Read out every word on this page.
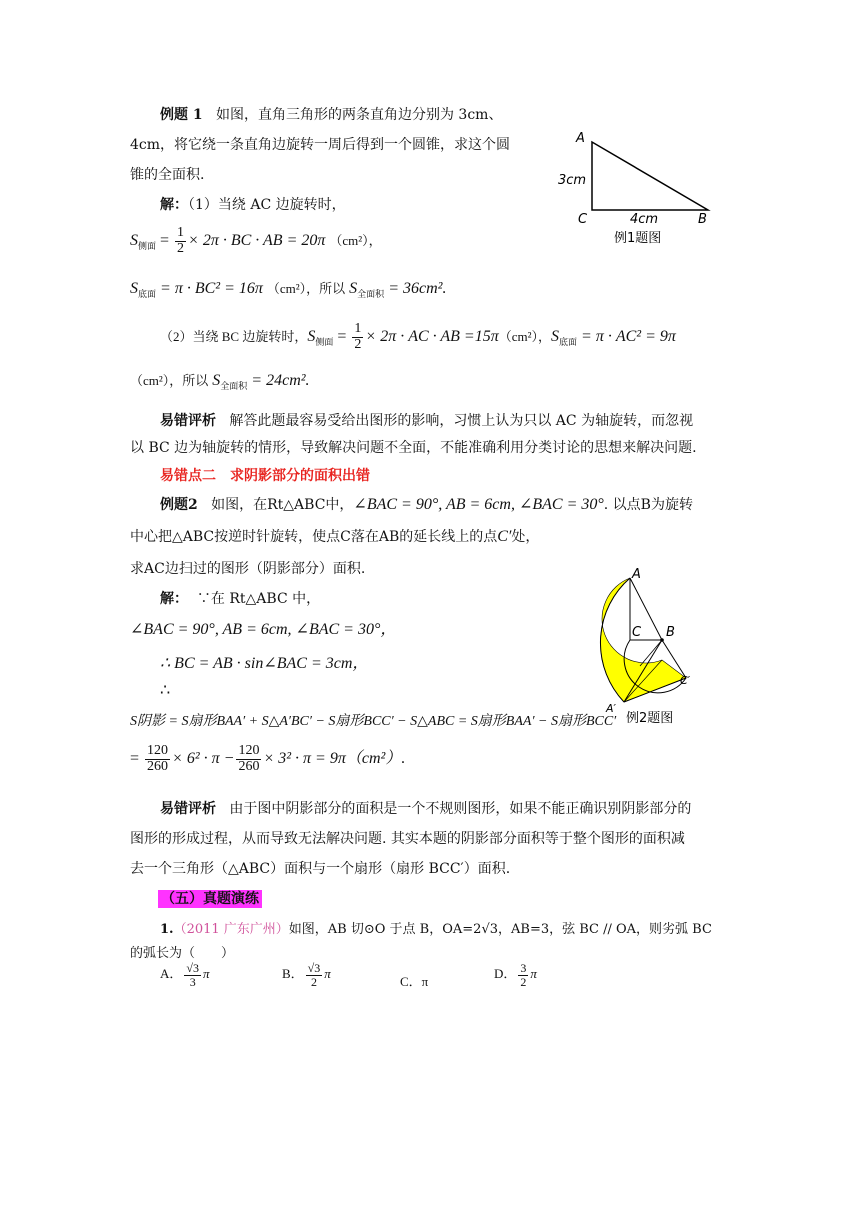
例题 1 如图，直角三角形的两条直角边分别为 3cm、
4cm，将它绕一条直角边旋转一周后得到一个圆锥，求这个圆
锥的全面积.
解：（1）当绕 AC 边旋转时，
$S_{侧面} = \frac{1}{2} \times 2\pi$ · BC · AB = 20π （cm²），
$S_{底面} = \pi \cdot BC^2 = 16\pi$ （cm²），所以 $S_{全面积} = 36cm^2$.
（2）当绕 BC 边旋转时，$S_{侧面} = \frac{1}{2} \times 2\pi$ · AC · AB =15π（cm²），$S_{底面} = \pi \cdot AC^2 = 9\pi$
（cm²），所以 $S_{全面积} = 24cm^2$.
易错评析 解答此题最容易受给出图形的影响，习惯上认为只以 AC 为轴旋转，而忽视
以 BC 边为轴旋转的情形，导致解决问题不全面，不能准确利用分类讨论的思想来解决问题.
易错点二　求阴影部分的面积出错
例题2 如图，在Rt△ABC中，∠BAC = 90°, AB = 6cm, ∠BAC = 30°. 以点B为旋转
中心把△ABC按逆时针旋转，使点C落在AB的延长线上的点C′处，
求AC边扫过的图形（阴影部分）面积.
解： ∵在 Rt△ABC 中，
∠BAC = 90°, AB = 6cm, ∠BAC = 30°，
∴ BC = AB · sin∠BAC = 3cm，
∴
S阴影 = S扇形BAA′ + S△A′BC′ − S扇形BCC′ − S△ABC = S扇形BAA′ − S扇形BCC′
= $\frac{120}{260} \times 6^2 \cdot \pi - \frac{120}{260} \times 3^2 \cdot \pi = 9\pi(cm^2)$.
易错评析 由于图中阴影部分的面积是一个不规则图形，如果不能正确识别阴影部分的
图形的形成过程，从而导致无法解决问题. 其实本题的阴影部分面积等于整个图形的面积减
去一个三角形（△ABC）面积与一个扇形（扇形 BCC′）面积.
（五）真题演练
1.（2011 广东广州）如图，AB 切⊙O 于点 B，OA=2√3，AB=3，弦 BC // OA，则劣弧 BC
的弧长为（　　）
A． $\frac{√3}{3}$ π	B． $\frac{√3}{2}$ π
C．π
D． $\frac{3}{2}$ π
A
3cm
C	4cm	B
例1题图
A
C B
C′
A′
例2题图
